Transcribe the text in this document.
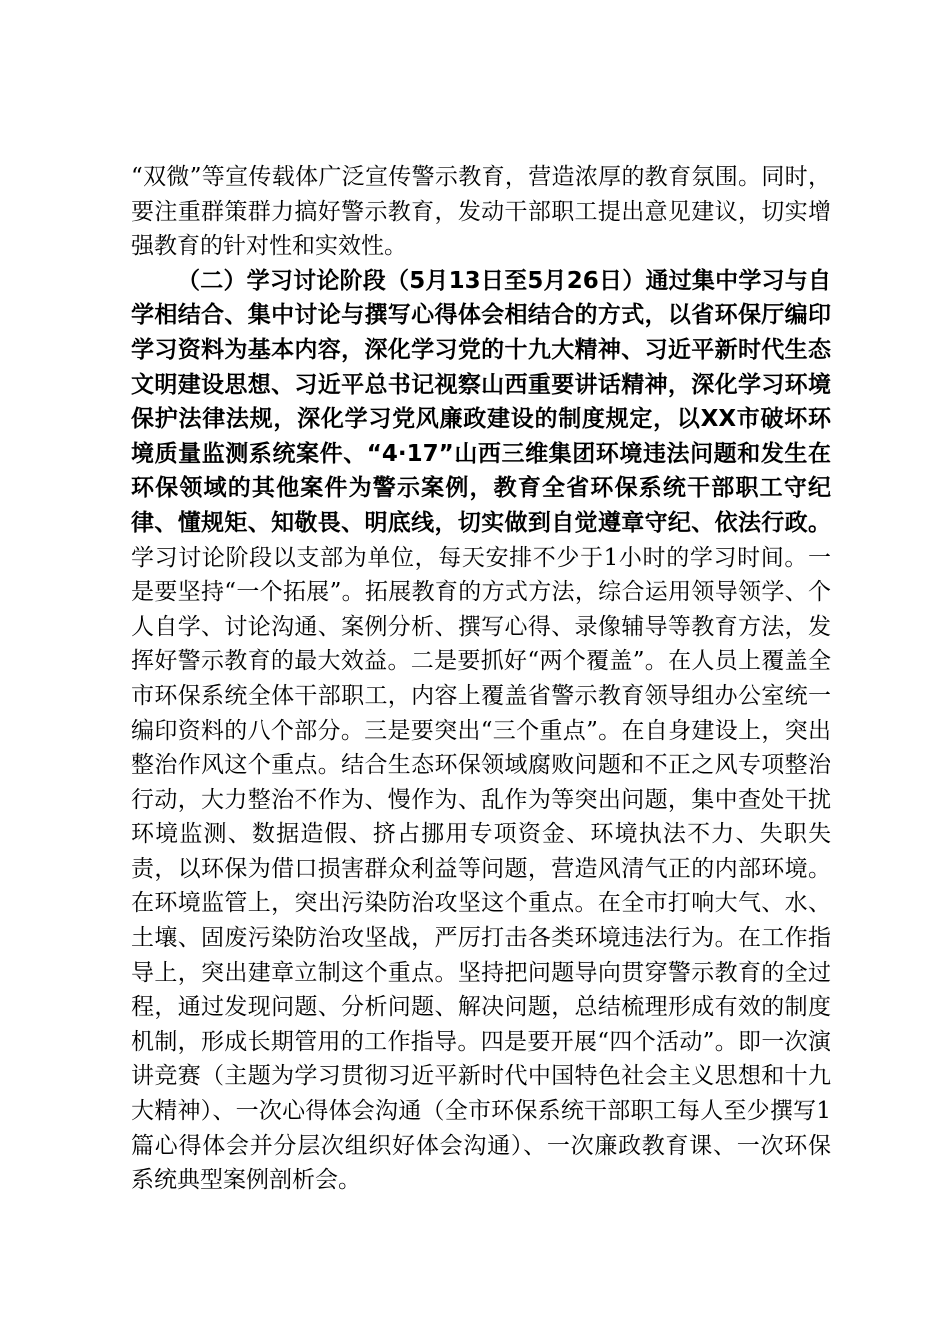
“双微”等宣传载体广泛宣传警示教育，营造浓厚的教育氛围。同时，要注重群策群力搞好警示教育，发动干部职工提出意见建议，切实增强教育的针对性和实效性。

（二）学习讨论阶段（5月13日至5月26日）通过集中学习与自学相结合、集中讨论与撰写心得体会相结合的方式，以省环保厅编印学习资料为基本内容，深化学习党的十九大精神、习近平新时代生态文明建设思想、习近平总书记视察山西重要讲话精神，深化学习环境保护法律法规，深化学习党风廉政建设的制度规定，以XX市破坏环境质量监测系统案件、“4·17”山西三维集团环境违法问题和发生在环保领域的其他案件为警示案例，教育全省环保系统干部职工守纪律、懂规矩、知敬畏、明底线，切实做到自觉遵章守纪、依法行政。学习讨论阶段以支部为单位，每天安排不少于1小时的学习时间。一是要坚持“一个拓展”。拓展教育的方式方法，综合运用领导领学、个人自学、讨论沟通、案例分析、撰写心得、录像辅导等教育方法，发挥好警示教育的最大效益。二是要抓好“两个覆盖”。在人员上覆盖全市环保系统全体干部职工，内容上覆盖省警示教育领导组办公室统一编印资料的八个部分。三是要突出“三个重点”。在自身建设上，突出整治作风这个重点。结合生态环保领域腐败问题和不正之风专项整治行动，大力整治不作为、慢作为、乱作为等突出问题，集中查处干扰环境监测、数据造假、挤占挪用专项资金、环境执法不力、失职失责，以环保为借口损害群众利益等问题，营造风清气正的内部环境。在环境监管上，突出污染防治攻坚这个重点。在全市打响大气、水、土壤、固废污染防治攻坚战，严厉打击各类环境违法行为。在工作指导上，突出建章立制这个重点。坚持把问题导向贯穿警示教育的全过程，通过发现问题、分析问题、解决问题，总结梳理形成有效的制度机制，形成长期管用的工作指导。四是要开展“四个活动”。即一次演讲竞赛（主题为学习贯彻习近平新时代中国特色社会主义思想和十九大精神）、一次心得体会沟通（全市环保系统干部职工每人至少撰写1篇心得体会并分层次组织好体会沟通）、一次廉政教育课、一次环保系统典型案例剖析会。
